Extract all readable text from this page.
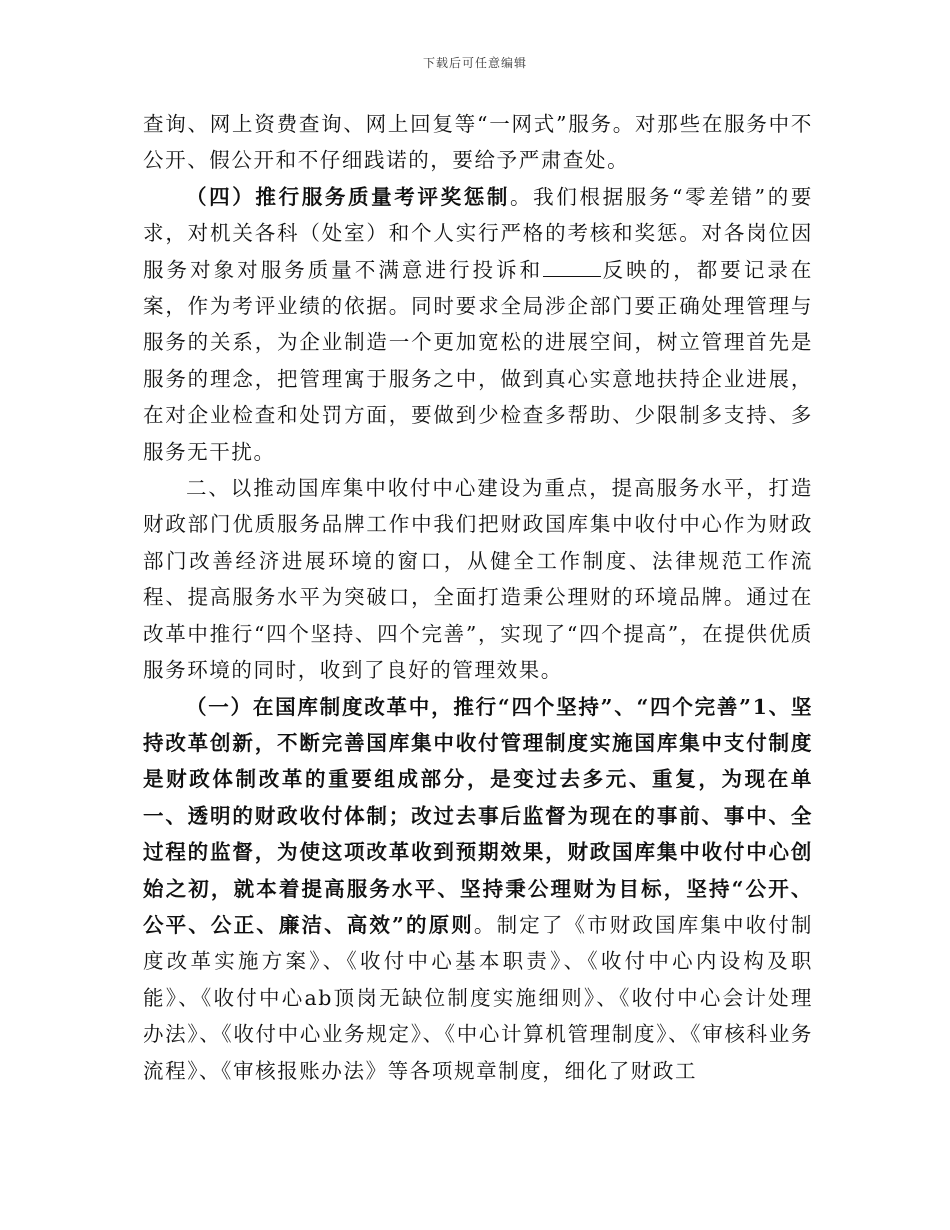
下载后可任意编辑

查询、网上资费查询、网上回复等“一网式”服务。对那些在服务中不公开、假公开和不仔细践诺的，要给予严肃查处。

（四）推行服务质量考评奖惩制。我们根据服务“零差错”的要求，对机关各科（处室）和个人实行严格的考核和奖惩。对各岗位因服务对象对服务质量不满意进行投诉和	反映的，都要记录在案，作为考评业绩的依据。同时要求全局涉企部门要正确处理管理与服务的关系，为企业制造一个更加宽松的进展空间，树立管理首先是服务的理念，把管理寓于服务之中，做到真心实意地扶持企业进展，在对企业检查和处罚方面，要做到少检查多帮助、少限制多支持、多服务无干扰。

二、以推动国库集中收付中心建设为重点，提高服务水平，打造财政部门优质服务品牌工作中我们把财政国库集中收付中心作为财政部门改善经济进展环境的窗口，从健全工作制度、法律规范工作流程、提高服务水平为突破口，全面打造秉公理财的环境品牌。通过在改革中推行“四个坚持、四个完善”，实现了“四个提高”，在提供优质服务环境的同时，收到了良好的管理效果。

（一）在国库制度改革中，推行“四个坚持”、“四个完善”1、坚持改革创新，不断完善国库集中收付管理制度实施国库集中支付制度是财政体制改革的重要组成部分，是变过去多元、重复，为现在单一、透明的财政收付体制；改过去事后监督为现在的事前、事中、全过程的监督，为使这项改革收到预期效果，财政国库集中收付中心创始之初，就本着提高服务水平、坚持秉公理财为目标，坚持“公开、公平、公正、廉洁、高效”的原则。制定了《市财政国库集中收付制度改革实施方案》、《收付中心基本职责》、《收付中心内设构及职能》、《收付中心ab顶岗无缺位制度实施细则》、《收付中心会计处理办法》、《收付中心业务规定》、《中心计算机管理制度》、《审核科业务流程》、《审核报账办法》等各项规章制度，细化了财政工
